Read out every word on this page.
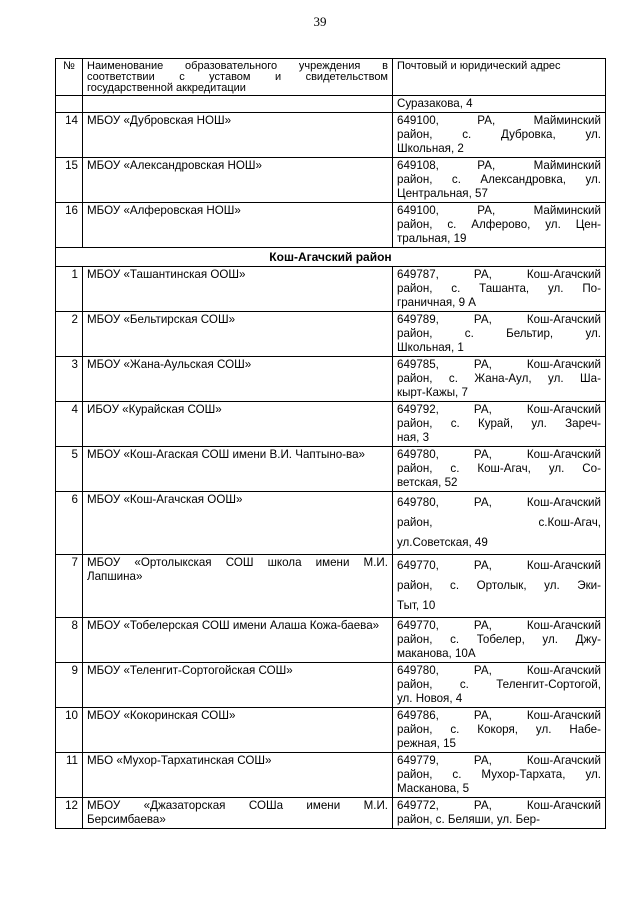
39
№	Наименование образовательного учреждения в соответствии с уставом и свидетельством государственной аккредитации	Почтовый и юридический адрес

		Суразакова, 4

14	МБОУ «Дубровская НОШ»	649100, РА, Майминский
район, с. Дубровка, ул.
Школьная, 2

15	МБОУ «Александровская НОШ»	649108, РА, Майминский
район, с. Александровка, ул.
Центральная, 57

16	МБОУ «Алферовская НОШ»	649100, РА, Майминский
район, с. Алферово, ул. Цен-
тральная, 19

Кош-Агачский район		
1	МБОУ «Ташантинская ООШ»	649787, РА, Кош-Агачский
район, с. Ташанта, ул. По-
граничная, 9 А

2	МБОУ «Бельтирская СОШ»	649789, РА, Кош-Агачский
район, с. Бельтир, ул.
Школьная, 1

3	МБОУ «Жана-Аульская СОШ»	649785, РА, Кош-Агачский
район, с. Жана-Аул, ул. Ша-
кырт-Кажы, 7

4	ИБОУ «Курайская СОШ»	649792, РА, Кош-Агачский
район, с. Курай, ул. Зареч-
ная, 3

5	МБОУ «Кош-Агаская СОШ имени В.И. Чаптыно-ва»	649780, РА, Кош-Агачский
район, с. Кош-Агач, ул. Со-
ветская, 52

6	МБОУ «Кош-Агачская ООШ»	649780, РА, Кош-Агачский
район, с.Кош-Агач,
ул.Советская, 49

7	МБОУ «Ортолыкская СОШ школа имени М.И. Лапшина»	649770, РА, Кош-Агачский
район, с. Ортолык, ул. Эки-
Тыт, 10

8	МБОУ «Тобелерская СОШ имени Алаша Кожа-баева»	649770, РА, Кош-Агачский
район, с. Тобелер, ул. Джу-
маканова, 10А

9	МБОУ «Теленгит-Сортогойская СОШ»	649780, РА, Кош-Агачский
район, с. Теленгит-Сортогой,
ул. Новоя, 4

10	МБОУ «Кокоринская СОШ»	649786, РА, Кош-Агачский
район, с. Кокоря, ул. Набе-
режная, 15

11	МБО «Мухор-Тархатинская СОШ»	649779, РА, Кош-Агачский
район, с. Мухор-Тархата, ул.
Масканова, 5

12	МБОУ «Джазаторская СОШа имени М.И. Берсимбаева»	649772, РА, Кош-Агачский
район, с. Беляши, ул. Бер-
